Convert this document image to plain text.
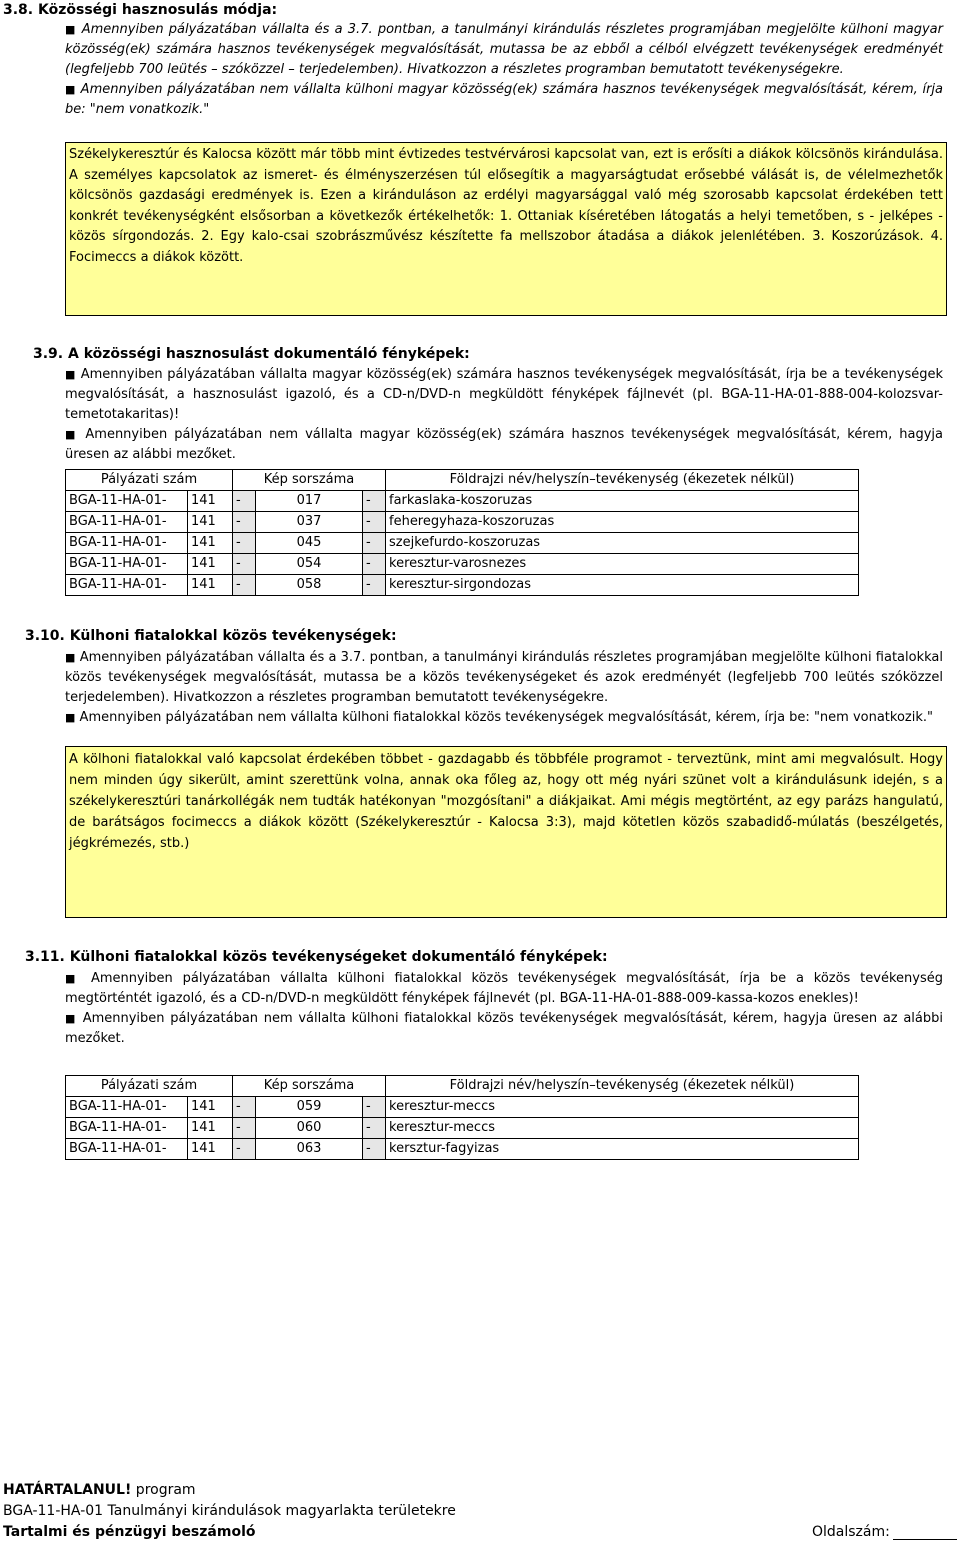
3.8. Közösségi hasznosulás módja:
■ Amennyiben pályázatában vállalta és a 3.7. pontban, a tanulmányi kirándulás részletes programjában megjelölte külhoni magyar közösség(ek) számára hasznos tevékenységek megvalósítását, mutassa be az ebből a célból elvégzett tevékenységek eredményét (legfeljebb 700 leütés – szóközzel – terjedelemben). Hivatkozzon a részletes programban bemutatott tevékenységekre.
■ Amennyiben pályázatában nem vállalta külhoni magyar közösség(ek) számára hasznos tevékenységek megvalósítását, kérem, írja be: "nem vonatkozik."
Székelykeresztúr és Kalocsa között már több mint évtizedes testvérvárosi kapcsolat van, ezt is erősíti a diákok kölcsönös kirándulása. A személyes kapcsolatok az ismeret- és élményszerzésen túl elősegítik a magyarságtudat erősebbé válását is, de vélelmezhetők kölcsönös gazdasági eredmények is. Ezen a kiránduláson az erdélyi magyarsággal való még szorosabb kapcsolat érdekében tett konkrét tevékenységként elsősorban a következők értékelhetők: 1. Ottaniak kíséretében látogatás a helyi temetőben, s - jelképes - közös sírgondozás. 2. Egy kalo-csai szobrászművész készítette fa mellszobor átadása a diákok jelenlétében. 3. Koszorúzások. 4. Focimeccs a diákok között.
3.9. A közösségi hasznosulást dokumentáló fényképek:
■ Amennyiben pályázatában vállalta magyar közösség(ek) számára hasznos tevékenységek megvalósítását, írja be a tevékenységek megvalósítását, a hasznosulást igazoló, és a CD-n/DVD-n megküldött fényképek fájlnevét (pl. BGA-11-HA-01-888-004-kolozsvar-temetotakaritas)!
■ Amennyiben pályázatában nem vállalta magyar közösség(ek) számára hasznos tevékenységek megvalósítását, kérem, hagyja üresen az alábbi mezőket.
Pályázati szám		Kép sorszáma			Földrajzi név/helyszín–tevékenység (ékezetek nélkül)
BGA-11-HA-01-	141	-	017	-	farkaslaka-koszoruzas
BGA-11-HA-01-	141	-	037	-	feheregyhaza-koszoruzas
BGA-11-HA-01-	141	-	045	-	szejkefurdo-koszoruzas
BGA-11-HA-01-	141	-	054	-	keresztur-varosnezes
BGA-11-HA-01-	141	-	058	-	keresztur-sirgondozas
3.10. Külhoni fiatalokkal közös tevékenységek:
■ Amennyiben pályázatában vállalta és a 3.7. pontban, a tanulmányi kirándulás részletes programjában megjelölte külhoni fiatalokkal közös tevékenységek megvalósítását, mutassa be a közös tevékenységeket és azok eredményét (legfeljebb 700 leütés szóközzel terjedelemben). Hivatkozzon a részletes programban bemutatott tevékenységekre.
■ Amennyiben pályázatában nem vállalta külhoni fiatalokkal közös tevékenységek megvalósítását, kérem, írja be: "nem vonatkozik."
A kölhoni fiatalokkal való kapcsolat érdekében többet - gazdagabb és többféle programot - terveztünk, mint ami megvalósult. Hogy nem minden úgy sikerült, amint szerettünk volna, annak oka főleg az, hogy ott még nyári szünet volt a kirándulásunk idején, s a székelykeresztúri tanárkollégák nem tudták hatékonyan "mozgósítani" a diákjaikat. Ami mégis megtörtént, az egy parázs hangulatú, de barátságos focimeccs a diákok között (Székelykeresztúr - Kalocsa 3:3), majd kötetlen közös szabadidő-múlatás (beszélgetés, jégkrémezés, stb.)
3.11. Külhoni fiatalokkal közös tevékenységeket dokumentáló fényképek:
■ Amennyiben pályázatában vállalta külhoni fiatalokkal közös tevékenységek megvalósítását, írja be a közös tevékenység megtörténtét igazoló, és a CD-n/DVD-n megküldött fényképek fájlnevét (pl. BGA-11-HA-01-888-009-kassa-kozos enekles)!
■ Amennyiben pályázatában nem vállalta külhoni fiatalokkal közös tevékenységek megvalósítását, kérem, hagyja üresen az alábbi mezőket.
Pályázati szám		Kép sorszáma			Földrajzi név/helyszín–tevékenység (ékezetek nélkül)
BGA-11-HA-01-	141	-	059	-	keresztur-meccs
BGA-11-HA-01-	141	-	060	-	keresztur-meccs
BGA-11-HA-01-	141	-	063	-	kersztur-fagyizas
HATÁRTALANUL! program
BGA-11-HA-01 Tanulmányi kirándulások magyarlakta területekre
Tartalmi és pénzügyi beszámoló	Oldalszám:
